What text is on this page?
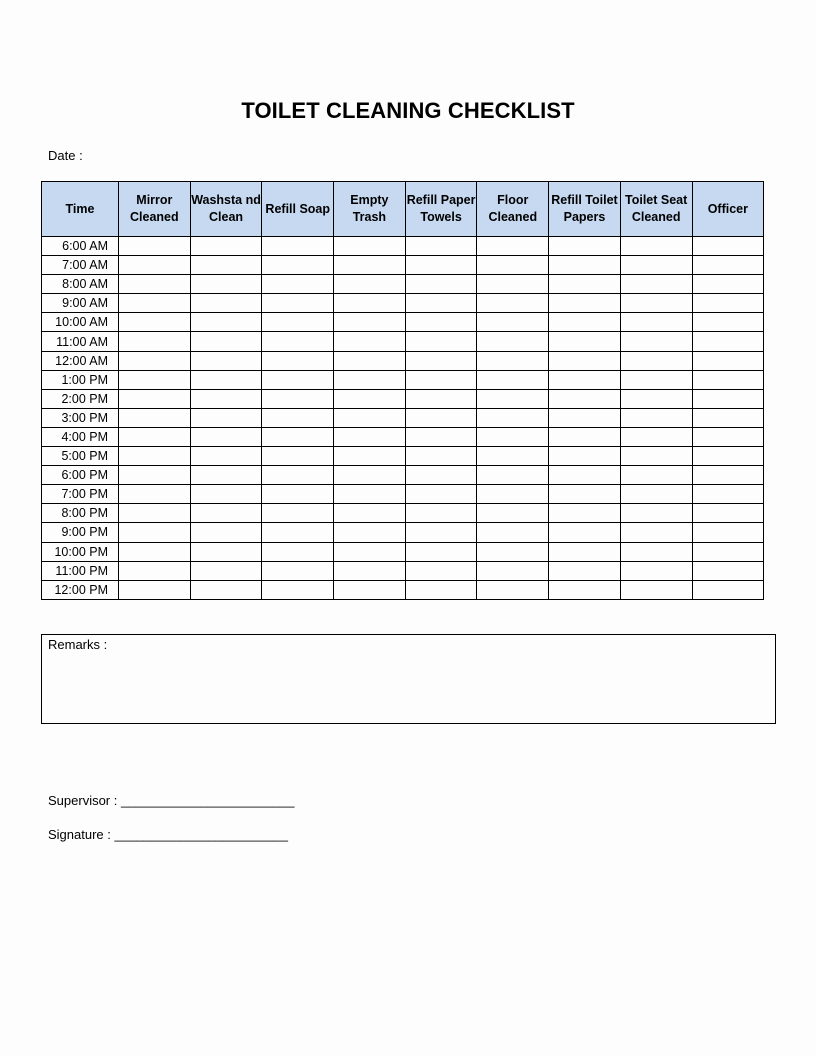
TOILET CLEANING CHECKLIST
Date :
Time	Mirror Cleaned	Washsta nd Clean	Refill Soap	Empty Trash	Refill Paper Towels	Floor Cleaned	Refill Toilet Papers	Toilet Seat Cleaned	Officer
6:00 AM									
7:00 AM									
8:00 AM									
9:00 AM									
10:00 AM									
11:00 AM									
12:00 AM									
1:00 PM									
2:00 PM									
3:00 PM									
4:00 PM									
5:00 PM									
6:00 PM									
7:00 PM									
8:00 PM									
9:00 PM									
10:00 PM									
11:00 PM									
12:00 PM									
Remarks :
Supervisor : ________________________
Signature : ________________________
